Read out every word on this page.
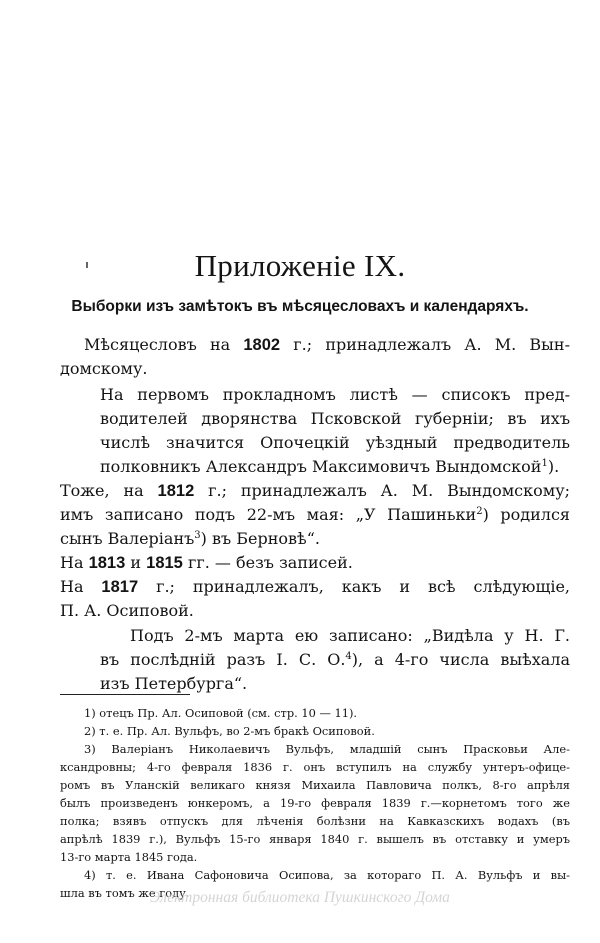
Приложенiе IX.
Выборки изъ замѣтокъ въ мѣсяцесловахъ и календаряхъ.
Мѣсяцесловъ на 1802 г.; принадлежалъ А. М. Вын-
домскому.
На первомъ прокладномъ листѣ — списокъ пред-
водителей дворянства Псковской губернiи; въ ихъ
числѣ значится Опочецкiй уѣздный предводитель
полковникъ Александръ Максимовичъ Вындомской$^1$).
Тоже, на 1812 г.; принадлежалъ А. М. Вындомскому;
имъ записано подъ 22-мъ мая: „У Пашиньки$^2$) родился
сынъ Валерiанъ$^3$) въ Берновѣ“.
На 1813 и 1815 гг. — безъ записей.
На 1817 г.; принадлежалъ, какъ и всѣ слѣдующiе,
П. А. Осиповой.
Подъ 2-мъ марта ею записано: „Видѣла у Н. Г.
въ послѣднiй разъ I. С. О.$^4$), а 4-го числа выѣхала
изъ Петербурга“.
1) отецъ Пр. Ал. Осиповой (см. стр. 10 — 11).
2) т. е. Пр. Ал. Вульфъ, во 2-мъ бракѣ Осиповой.
3) Валерiанъ Николаевичъ Вульфъ, младшiй сынъ Прасковьи Але-
ксандровны; 4-го февраля 1836 г. онъ вступилъ на службу унтеръ-офице-
ромъ въ Уланскiй великаго князя Михаила Павловича полкъ, 8-го апрѣля
былъ произведенъ юнкеромъ, а 19-го февраля 1839 г.—корнетомъ того же
полка; взявъ отпускъ для лѣченiя болѣзни на Кавказскихъ водахъ (въ
апрѣлѣ 1839 г.), Вульфъ 15-го января 1840 г. вышелъ въ отставку и умеръ
13-го марта 1845 года.
4) т. е. Ивана Сафоновича Осипова, за котораго П. А. Вульфъ и вы-
шла въ томъ же году.
Электронная библиотека Пушкинского Дома
